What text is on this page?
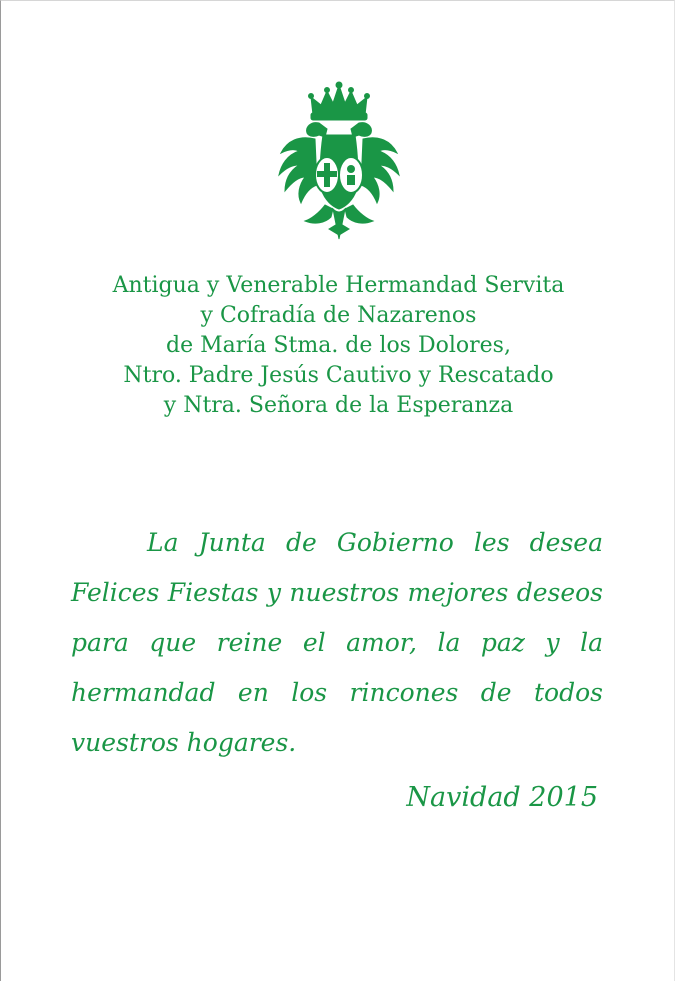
Antigua y Venerable Hermandad Servita
y Cofradía de Nazarenos
de María Stma. de los Dolores,
Ntro. Padre Jesús Cautivo y Rescatado
y Ntra. Señora de la Esperanza

La Junta de Gobierno les desea Felices Fiestas y nuestros mejores deseos para que reine el amor, la paz y la hermandad en los rincones de todos vuestros hogares.

Navidad 2015
